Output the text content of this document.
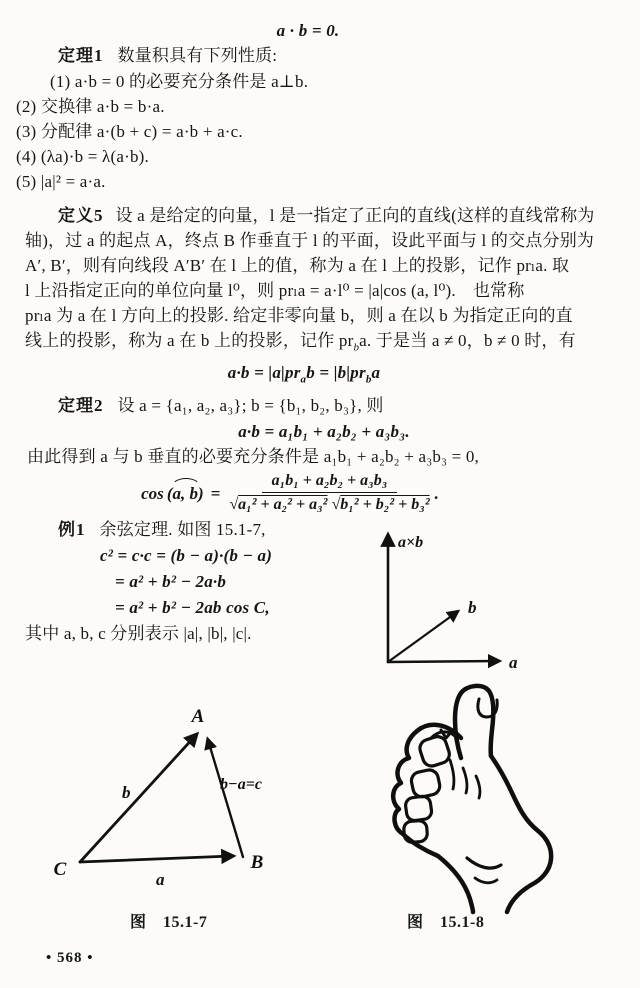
a · b = 0.
定理1 数量积具有下列性质:
(1) a·b = 0 的必要充分条件是 a⊥b.
(2) 交换律 a·b = b·a.
(3) 分配律 a·(b + c) = a·b + a·c.
(4) (λa)·b = λ(a·b).
(5) |a|² = a·a.
定义5 设 a 是给定的向量，l 是一指定了正向的直线(这样的直线常称为
轴)，过 a 的起点 A，终点 B 作垂直于 l 的平面，设此平面与 l 的交点分别为
A′, B′，则有向线段 A′B′ 在 l 上的值，称为 a 在 l 上的投影，记作 prₗa. 取
l 上沿指定正向的单位向量 l⁰，则 prₗa = a·l⁰ = |a|cos (a, l⁰).　也常称
prₗa 为 a 在 l 方向上的投影. 给定非零向量 b，则 a 在以 b 为指定正向的直
线上的投影，称为 a 在 b 上的投影，记作 $pr_ba$. 于是当 a ≠ 0，b ≠ 0 时，有
$a\cdot b = |a|pr_ab = |b|pr_ba$
定理2 设 a = {a₁, a₂, a₃}; b = {b₁, b₂, b₃}, 则
a·b = a₁b₁ + a₂b₂ + a₃b₃.
由此得到 a 与 b 垂直的必要充分条件是 a₁b₁ + a₂b₂ + a₃b₃ = 0,
cos (a, $b) = \frac{\text{a₁b₁ + a₂b₂ + a₃b₃}}{\text{√a₁² + a₂² + a₃² √b₁² + b₂² + b₃²}}$ .
例1 余弦定理. 如图 15.1-7,
c² = c·c = (b − a)·(b − a)
= a² + b² − 2a·b
= a² + b² − 2ab cos C,
其中 a, b, c 分别表示 |a|, |b|, |c|.
a×b
b
a
A
C	B
b	b−a=c
a
图　15.1-7	图　15.1-8
• 568 •
